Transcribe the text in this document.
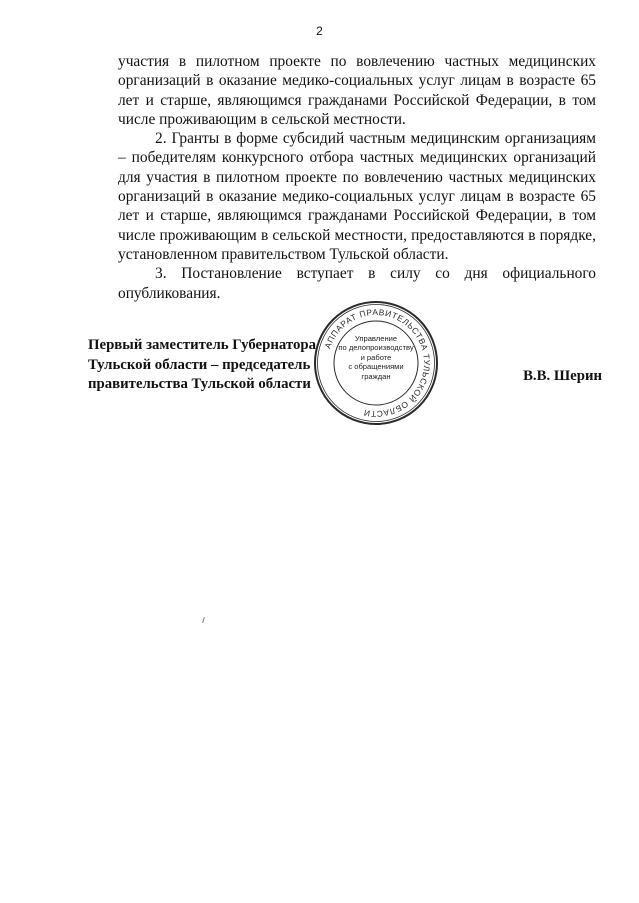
2

участия в пилотном проекте по вовлечению частных медицинских организаций в оказание медико-социальных услуг лицам в возрасте 65 лет и старше, являющимся гражданами Российской Федерации, в том числе проживающим в сельской местности.

2. Гранты в форме субсидий частным медицинским организациям – победителям конкурсного отбора частных медицинских организаций для участия в пилотном проекте по вовлечению частных медицинских организаций в оказание медико-социальных услуг лицам в возрасте 65 лет и старше, являющимся гражданами Российской Федерации, в том числе проживающим в сельской местности, предоставляются в порядке, установленном правительством Тульской области.

3. Постановление вступает в силу со дня официального опубликования.

Первый заместитель Губернатора
Тульской области – председатель
правительства Тульской области
АППАРАТ ПРАВИТЕЛЬСТВА ТУЛЬСКОЙ ОБЛАСТИ
Управление
по делопроизводству
и работе
с обращениями
граждан	В.В. Шерин
